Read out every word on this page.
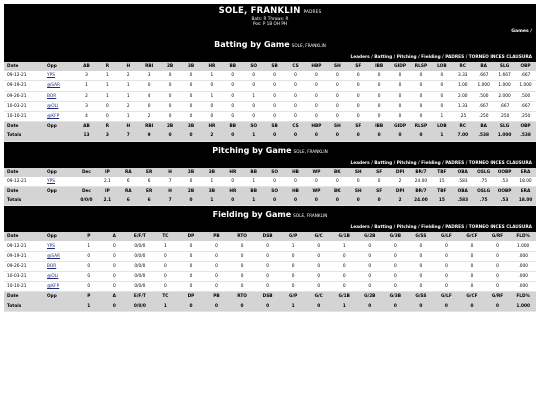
SOLE, FRANKLIN PADRES
Bats: R Throws: R
Pos: P 1B OH PH
Games /
Batting by Game SOLE, FRANKLIN
Leaders / Batting / Pitching / Fielding / PADRES / TORNEO INCES CLAUSURA
Date	Opp	AB	R	H	RBI	2B	3B	HR	BB	SO	SB	CS	HBP	SH	SF	IBB	GIDP	RLSP	LOB	RC	BA	SLG	OBP
09-12-21	YPS	3	1	2	3	0	0	1	0	0	0	0	0	0	0	0	0	0	0	3.33	.667	1.667	.667
09-19-21	@SAR	1	1	1	0	0	0	0	0	0	0	0	0	0	0	0	0	0	0	1.00	1.000	1.000	1.000
09-26-21	BOR	2	1	1	4	0	0	1	0	1	0	0	0	0	0	0	0	0	0	2.00	.500	2.000	.500
10-03-21	@OLI	3	0	2	0	0	0	0	0	0	0	0	0	0	0	0	0	0	0	1.33	.667	.667	.667
10-10-21	@KFP	4	0	1	2	0	0	0	0	0	0	0	0	0	0	0	0	0	1	.25	.250	.250	.250
Date	Opp	AB	R	H	RBI	2B	3B	HR	BB	SO	SB	CS	HBP	SH	SF	IBB	GIDP	RLSP	LOB	RC	BA	SLG	OBP
Totals		13	3	7	9	0	0	2	0	1	0	0	0	0	0	0	0	0	1	7.00	.538	1.000	.538
Pitching by Game SOLE, FRANKLIN
Leaders / Batting / Pitching / Fielding / PADRES / TORNEO INCES CLAUSURA
Date	Opp	Dec	IP	RA	ER	H	2B	3B	HR	BB	SO	HB	WP	BK	SH	SF	DPI	BR/7	TBF	OBA	OSLG	OOBP	ERA
09-12-21	YPS		2.1	6	6	7	0	1	0	1	0	0	0	0	0	0	2	24.00	15	.583	.75	.53	18.00
Date	Opp	Dec	IP	RA	ER	H	2B	3B	HR	BB	SO	HB	WP	BK	SH	SF	DPI	BR/7	TBF	OBA	OSLG	OOBP	ERA
Totals		0/0/0	2.1	6	6	7	0	1	0	1	0	0	0	0	0	0	2	24.00	15	.583	.75	.53	18.00
Fielding by Game SOLE, FRANKLIN
Leaders / Batting / Pitching / Fielding / PADRES / TORNEO INCES CLAUSURA
Date	Opp	P	A	E/F/T	TC	DP	PB	RTO	DSB	G/P	G/C	G/1B	G/2B	G/3B	G/SS	G/LF	G/CF	G/RF	FLD%
09-12-21	YPS	1	0	0/0/0	1	0	0	0	0	1	0	1	0	0	0	0	0	0	1.000
09-19-21	@SAR	0	0	0/0/0	0	0	0	0	0	0	0	0	0	0	0	0	0	0	.000
09-26-21	BOR	0	0	0/0/0	0	0	0	0	0	0	0	0	0	0	0	0	0	0	.000
10-03-21	@OLI	0	0	0/0/0	0	0	0	0	0	0	0	0	0	0	0	0	0	0	.000
10-10-21	@KFP	0	0	0/0/0	0	0	0	0	0	0	0	0	0	0	0	0	0	0	.000
Date	Opp	P	A	E/F/T	TC	DP	PB	RTO	DSB	G/P	G/C	G/1B	G/2B	G/3B	G/SS	G/LF	G/CF	G/RF	FLD%
Totals		1	0	0/0/0	1	0	0	0	0	1	0	1	0	0	0	0	0	0	1.000
